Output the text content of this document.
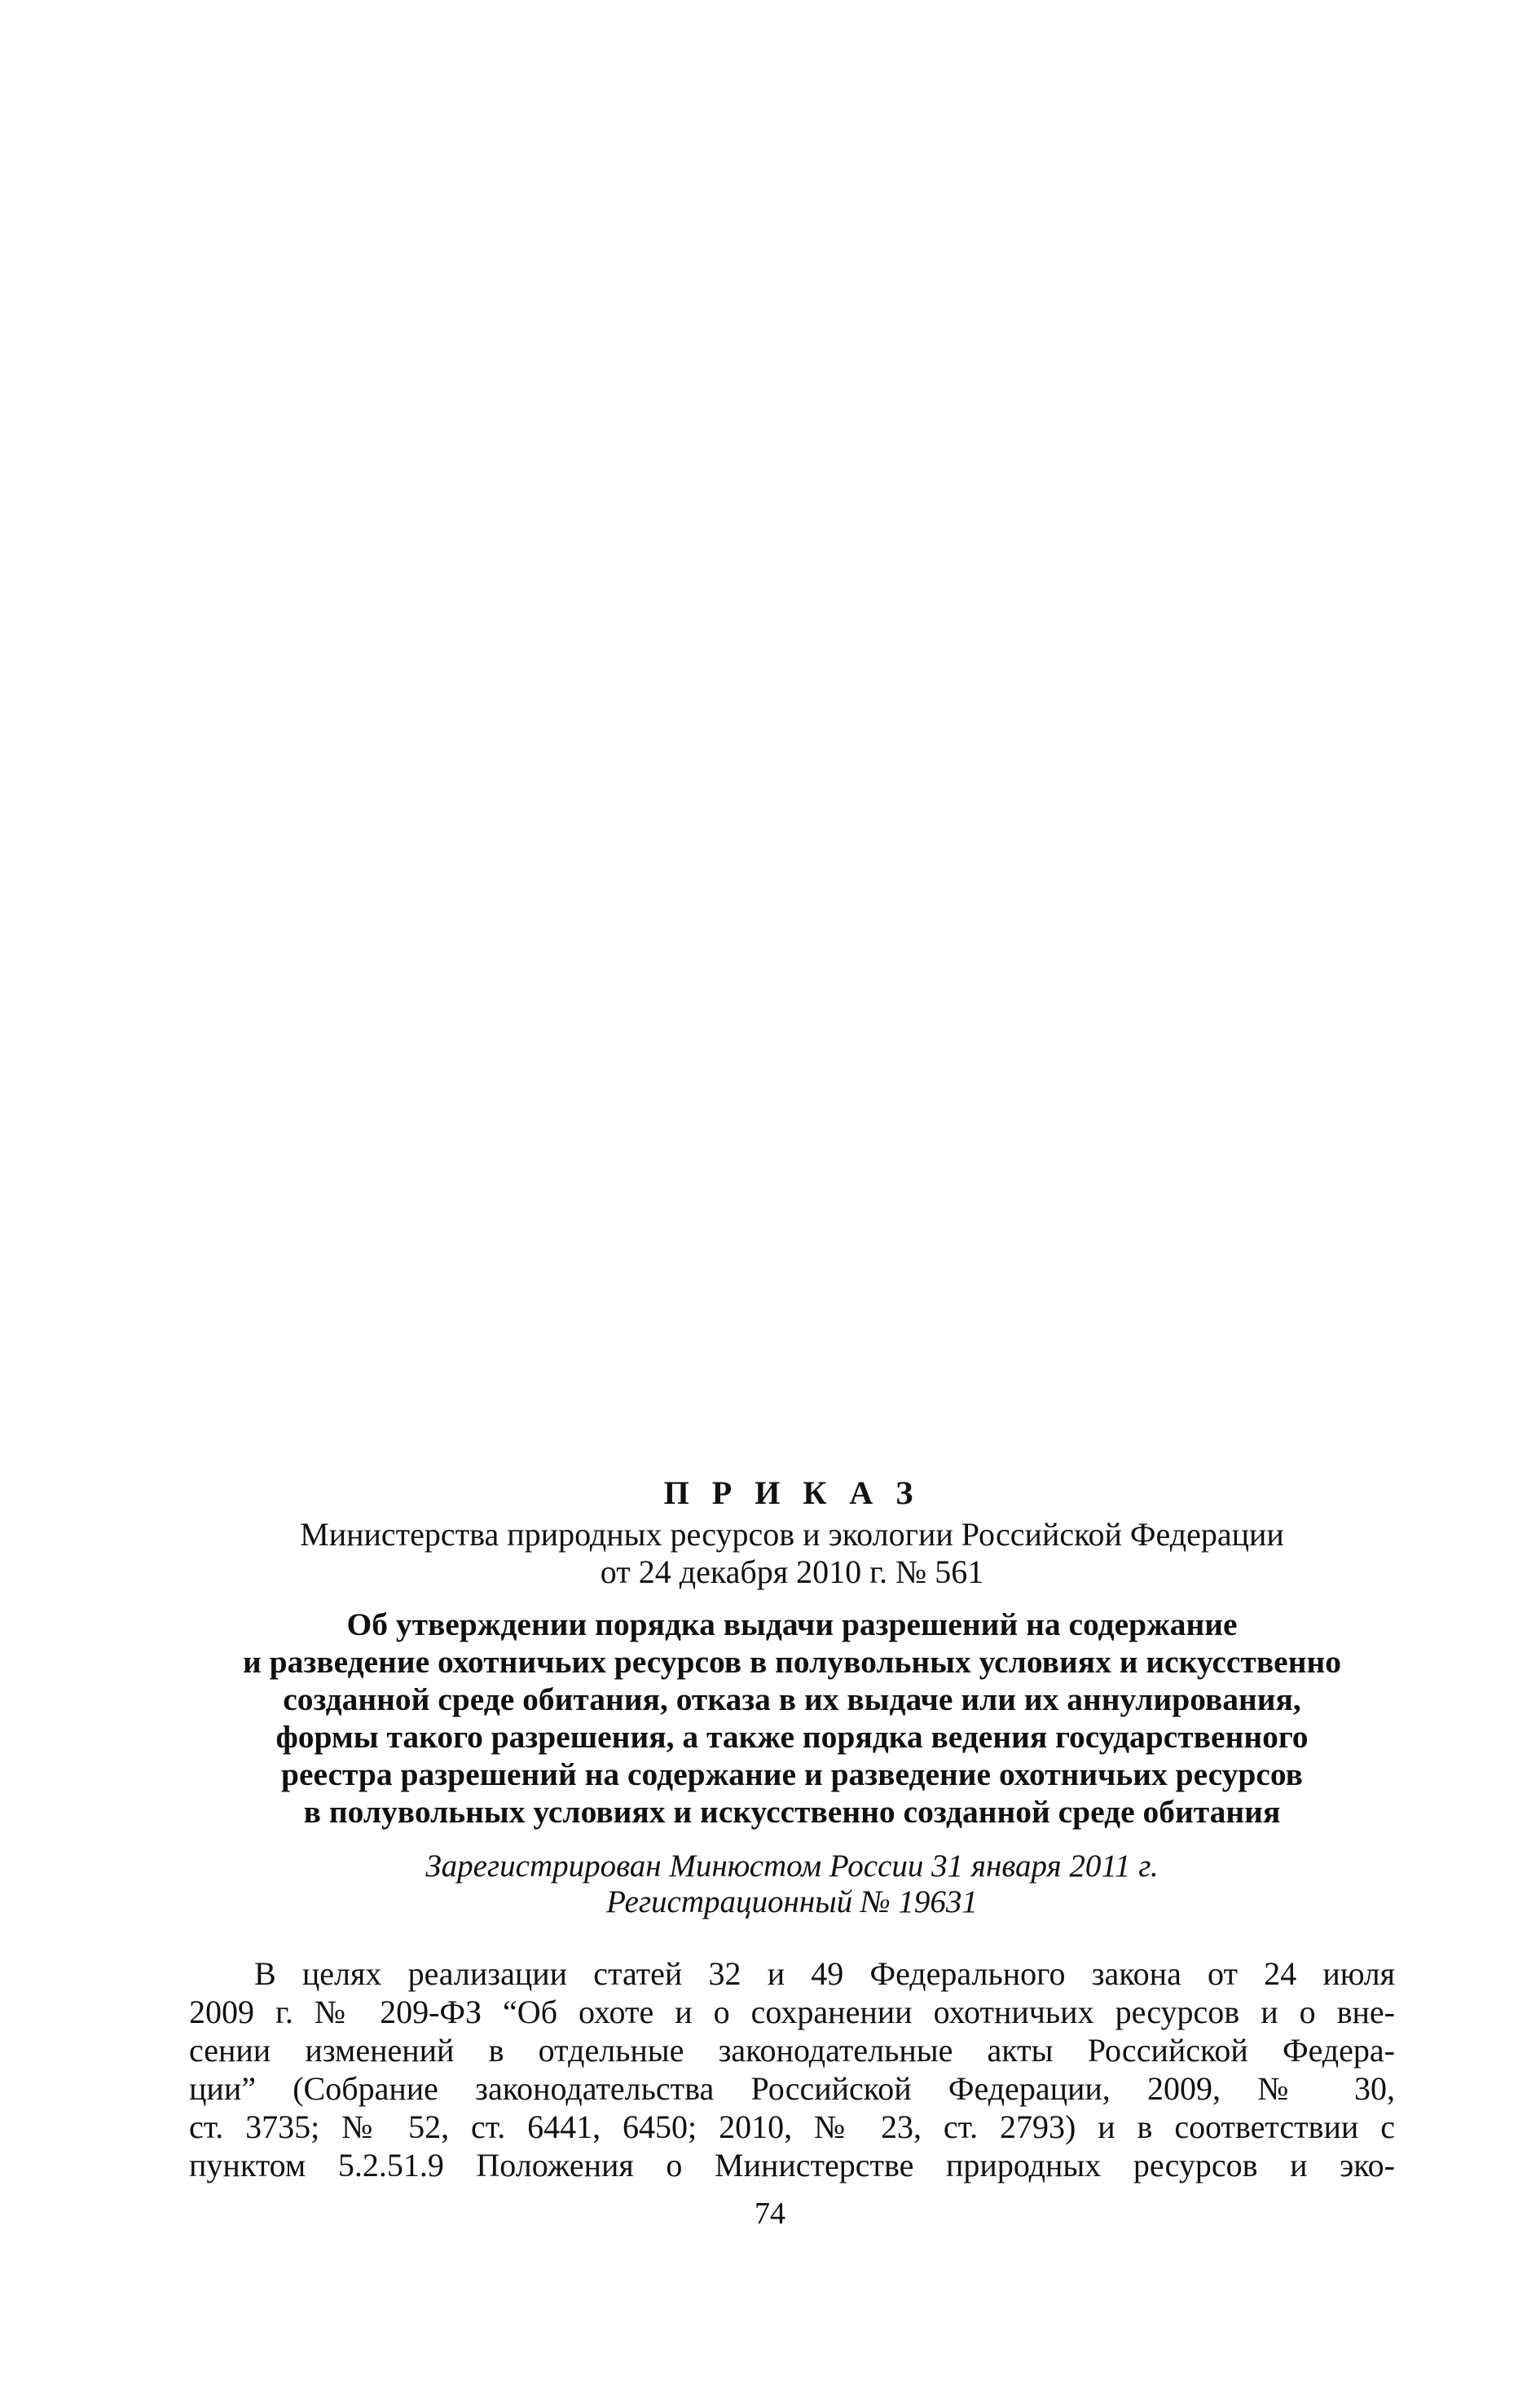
П Р И К А З
Министерства природных ресурсов и экологии Российской Федерации
от 24 декабря 2010 г. № 561
Об утверждении порядка выдачи разрешений на содержание
и разведение охотничьих ресурсов в полувольных условиях и искусственно
созданной среде обитания, отказа в их выдаче или их аннулирования,
формы такого разрешения, а также порядка ведения государственного
реестра разрешений на содержание и разведение охотничьих ресурсов
в полувольных условиях и искусственно созданной среде обитания
Зарегистрирован Минюстом России 31 января 2011 г.
Регистрационный № 19631
В целях реализации статей 32 и 49 Федерального закона от 24 июля
2009 г. № 209-ФЗ “Об охоте и о сохранении охотничьих ресурсов и о вне-
сении изменений в отдельные законодательные акты Российской Федера-
ции” (Собрание законодательства Российской Федерации, 2009, № 30,
ст. 3735; № 52, ст. 6441, 6450; 2010, № 23, ст. 2793) и в соответствии с
пунктом 5.2.51.9 Положения о Министерстве природных ресурсов и эко-
74
